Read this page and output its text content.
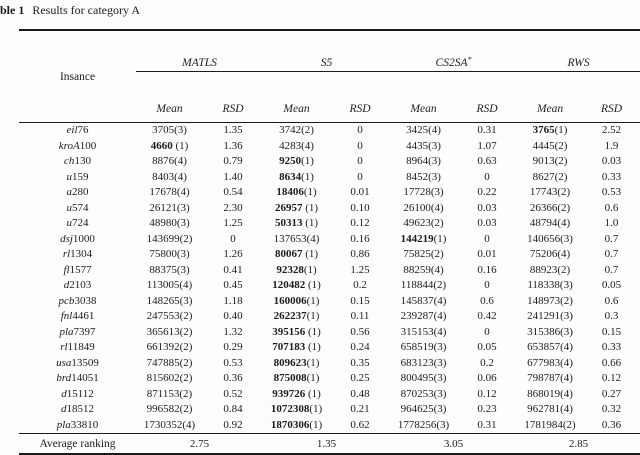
ble 1 Results for category A
Insance	MATLS		S5		CS2SA*		RWS	

	Mean	RSD	Mean	RSD	Mean	RSD	Mean	RSD
eil76	3705(3)	1.35	3742(2)	0	3425(4)	0.31	3765(1)	2.52
kroA100	4660 (1)	1.36	4283(4)	0	4435(3)	1.07	4445(2)	1.9
ch130	8876(4)	0.79	9250(1)	0	8964(3)	0.63	9013(2)	0.03
u159	8403(4)	1.40	8634(1)	0	8452(3)	0	8627(2)	0.33
a280	17678(4)	0.54	18406(1)	0.01	17728(3)	0.22	17743(2)	0.53
u574	26121(3)	2.30	26957 (1)	0.10	26100(4)	0.03	26366(2)	0.6
u724	48980(3)	1.25	50313 (1)	0.12	49623(2)	0.03	48794(4)	1.0
dsj1000	143699(2)	0	137653(4)	0.16	144219(1)	0	140656(3)	0.7
rl1304	75800(3)	1.26	80067 (1)	0.86	75825(2)	0.01	75206(4)	0.7
fl1577	88375(3)	0.41	92328(1)	1.25	88259(4)	0.16	88923(2)	0.7
d2103	113005(4)	0.45	120482 (1)	0.2	118844(2)	0	118338(3)	0.05
pcb3038	148265(3)	1.18	160006(1)	0.15	145837(4)	0.6	148973(2)	0.6
fnl4461	247553(2)	0.40	262237(1)	0.11	239287(4)	0.42	241291(3)	0.3
pla7397	365613(2)	1.32	395156 (1)	0.56	315153(4)	0	315386(3)	0.15
rl11849	661392(2)	0.29	707183 (1)	0.24	658519(3)	0.05	653857(4)	0.33
usa13509	747885(2)	0.53	809623(1)	0.35	683123(3)	0.2	677983(4)	0.66
brd14051	815602(2)	0.36	875008(1)	0.25	800495(3)	0.06	798787(4)	0.12
d15112	871153(2)	0.52	939726 (1)	0.48	870253(3)	0.12	868019(4)	0.27
d18512	996582(2)	0.84	1072308(1)	0.21	964625(3)	0.23	962781(4)	0.32
pla33810	1730352(4)	0.92	1870306(1)	0.62	1778256(3)	0.31	1781984(2)	0.36
Average ranking	2.75		1.35		3.05		2.85	
